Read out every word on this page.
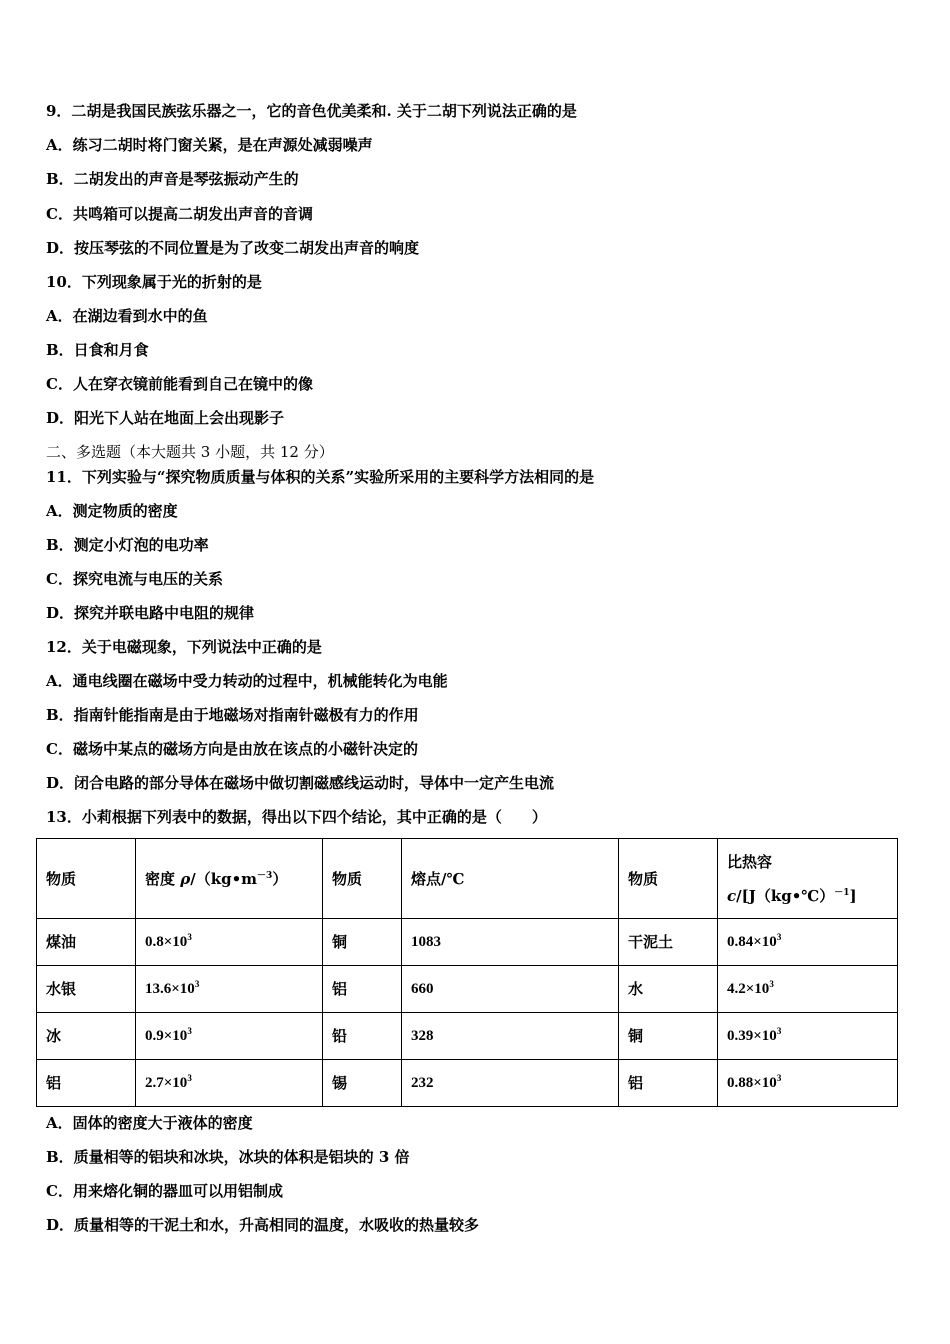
9．二胡是我国民族弦乐器之一，它的音色优美柔和. 关于二胡下列说法正确的是
A．练习二胡时将门窗关紧，是在声源处减弱噪声
B．二胡发出的声音是琴弦振动产生的
C．共鸣箱可以提高二胡发出声音的音调
D．按压琴弦的不同位置是为了改变二胡发出声音的响度
10．下列现象属于光的折射的是
A．在湖边看到水中的鱼
B．日食和月食
C．人在穿衣镜前能看到自己在镜中的像
D．阳光下人站在地面上会出现影子
二、多选题（本大题共 3 小题，共 12 分）
11．下列实验与“探究物质质量与体积的关系”实验所采用的主要科学方法相同的是
A．测定物质的密度
B．测定小灯泡的电功率
C．探究电流与电压的关系
D．探究并联电路中电阻的规律
12．关于电磁现象，下列说法中正确的是
A．通电线圈在磁场中受力转动的过程中，机械能转化为电能
B．指南针能指南是由于地磁场对指南针磁极有力的作用
C．磁场中某点的磁场方向是由放在该点的小磁针决定的
D．闭合电路的部分导体在磁场中做切割磁感线运动时，导体中一定产生电流
13．小莉根据下列表中的数据，得出以下四个结论，其中正确的是（　　）
物质	密度 $\rho/(kg•m^{-3})$	物质	熔点/℃	物质	比热容
c/[J（kg•℃）$^{-1}$]

煤油	$0.8\times 10^3$	铜	1083	干泥土	$0.84\times 10^3$
水银	$13.6\times 10^3$	铝	660	水	$4.2\times 10^3$
冰	$0.9\times 10^3$	铅	328	铜	$0.39\times 10^3$
铝	$2.7\times 10^3$	锡	232	铝	$0.88\times 10^3$
A．固体的密度大于液体的密度
B．质量相等的铝块和冰块，冰块的体积是铝块的 3 倍
C．用来熔化铜的器皿可以用铝制成
D．质量相等的干泥土和水，升高相同的温度，水吸收的热量较多
